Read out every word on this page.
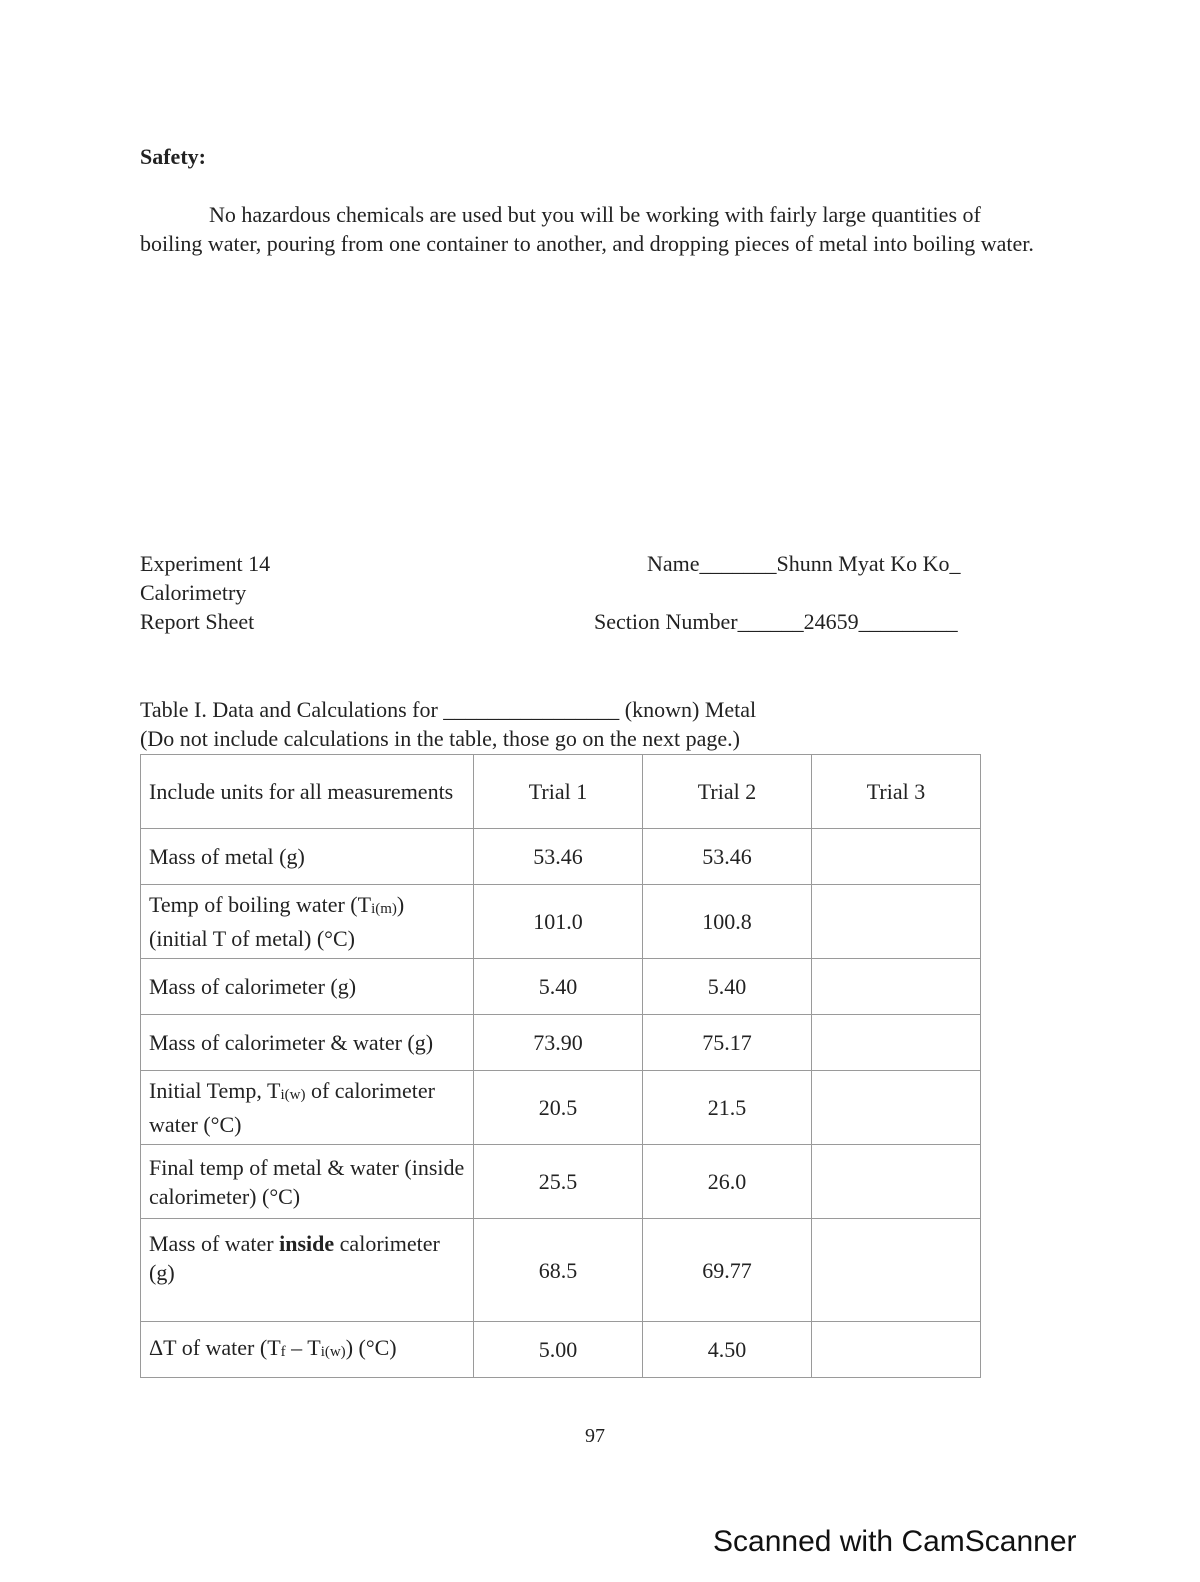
Safety:
No hazardous chemicals are used but you will be working with fairly large quantities of boiling water, pouring from one container to another, and dropping pieces of metal into boiling water.
Experiment 14
Calorimetry
Report Sheet
Name_______Shunn Myat Ko Ko_
Section Number______24659_________
Table I. Data and Calculations for ________________ (known) Metal
(Do not include calculations in the table, those go on the next page.)
Include units for all measurements	Trial 1	Trial 2	Trial 3
Mass of metal (g)	53.46	53.46	
Temp of boiling water (Ti(m))
(initial T of metal) (°C)	101.0	100.8	
Mass of calorimeter (g)	5.40	5.40	
Mass of calorimeter & water (g)	73.90	75.17	
Initial Temp, Ti(w) of calorimeter water (°C)	20.5	21.5	
Final temp of metal & water (inside calorimeter) (°C)	25.5	26.0	
Mass of water inside calorimeter (g)	68.5	69.77	
ΔT of water (Tf – Ti(w)) (°C)	5.00	4.50	
97
Scanned with CamScanner
